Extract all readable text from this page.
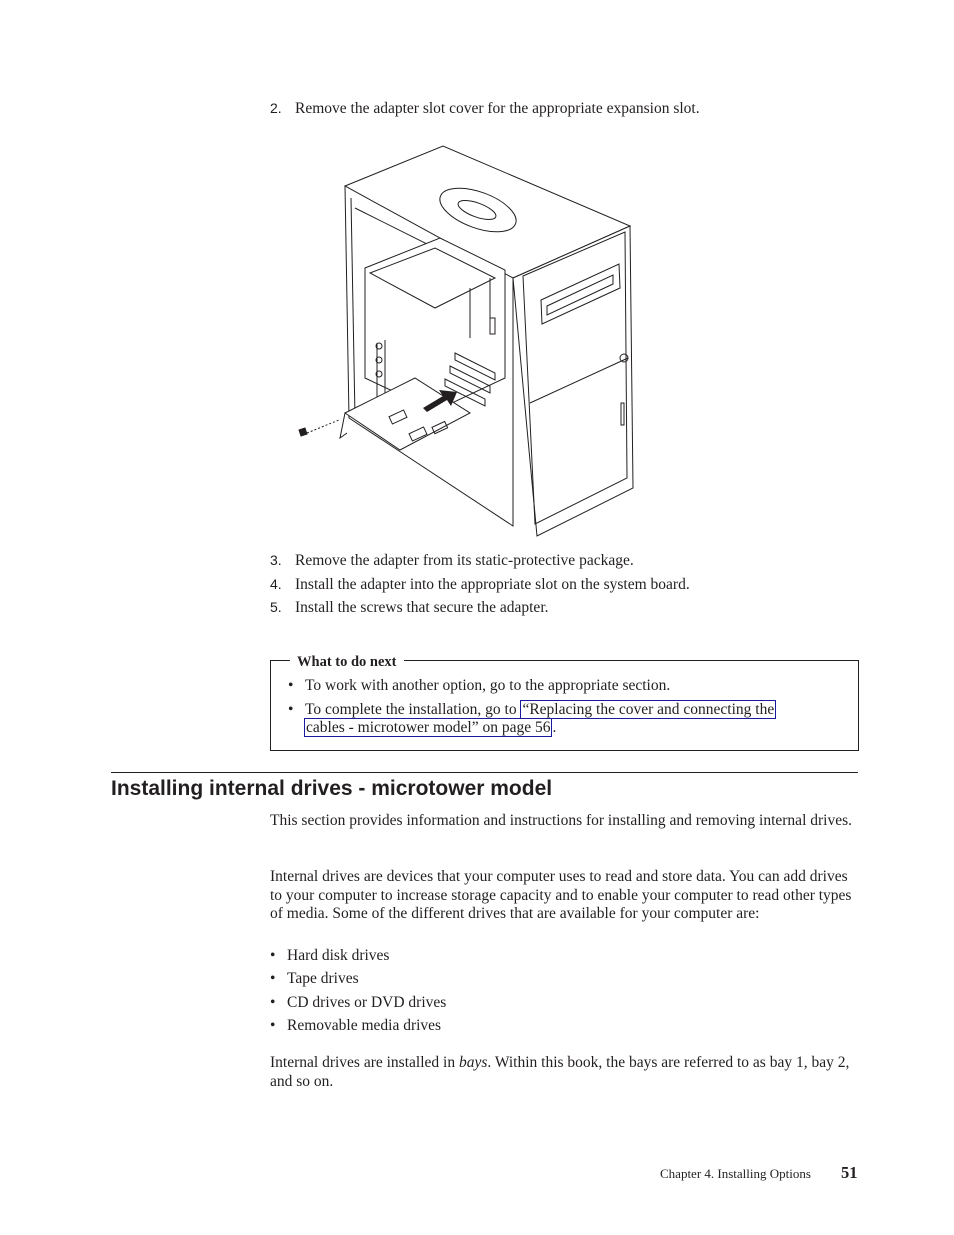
2. Remove the adapter slot cover for the appropriate expansion slot.
3. Remove the adapter from its static-protective package.
4. Install the adapter into the appropriate slot on the system board.
5. Install the screws that secure the adapter.
What to do next
• To work with another option, go to the appropriate section.
• To complete the installation, go to “Replacing the cover and connecting the
cables - microtower model” on page 56 .
Installing internal drives - microtower model
This section provides information and instructions for installing and removing internal drives.
Internal drives are devices that your computer uses to read and store data. You can add drives to your computer to increase storage capacity and to enable your computer to read other types of media. Some of the different drives that are available for your computer are:
• Hard disk drives
• Tape drives
• CD drives or DVD drives
• Removable media drives
Internal drives are installed in bays. Within this book, the bays are referred to as bay 1, bay 2, and so on.
Chapter 4. Installing Options 51
